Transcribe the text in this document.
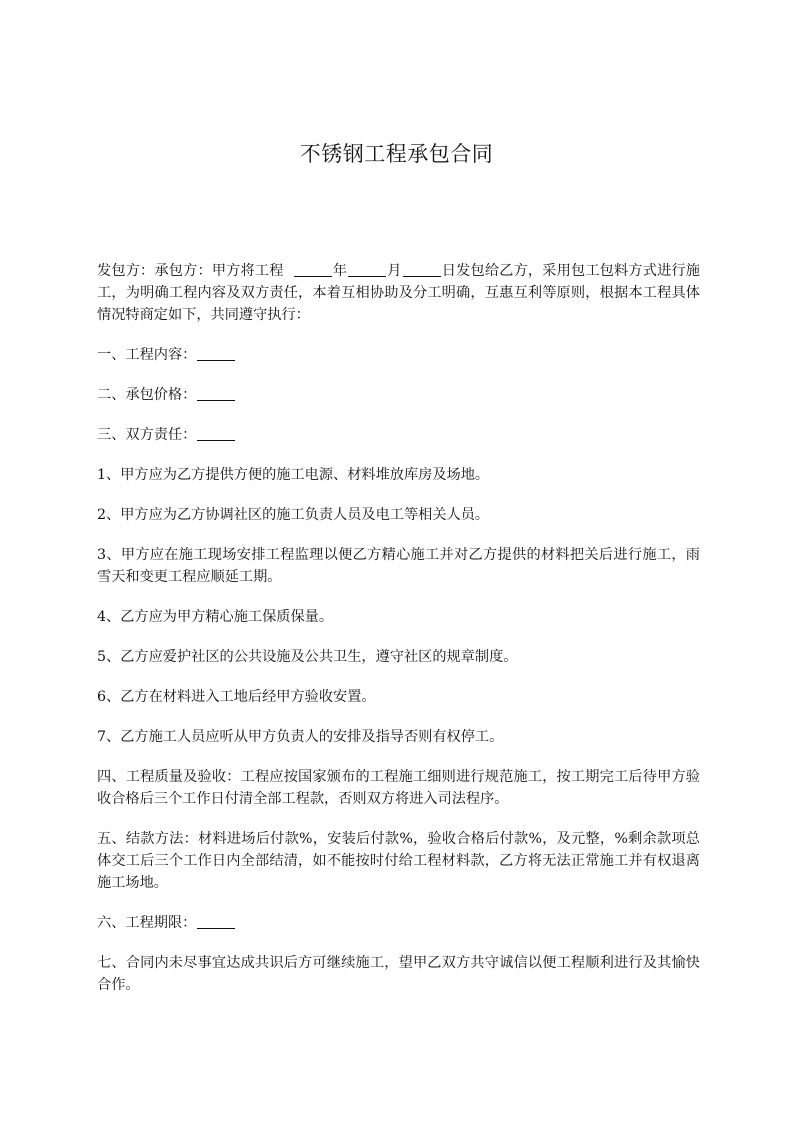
不锈钢工程承包合同

发包方：承包方：甲方将工程	年	月	日发包给乙方，采用包工包料方式进行施工，为明确工程内容及双方责任，本着互相协助及分工明确，互惠互利等原则，根据本工程具体情况特商定如下，共同遵守执行：

一、工程内容：

二、承包价格：

三、双方责任：

1、甲方应为乙方提供方便的施工电源、材料堆放库房及场地。

2、甲方应为乙方协调社区的施工负责人员及电工等相关人员。

3、甲方应在施工现场安排工程监理以便乙方精心施工并对乙方提供的材料把关后进行施工，雨雪天和变更工程应顺延工期。

4、乙方应为甲方精心施工保质保量。

5、乙方应爱护社区的公共设施及公共卫生，遵守社区的规章制度。

6、乙方在材料进入工地后经甲方验收安置。

7、乙方施工人员应听从甲方负责人的安排及指导否则有权停工。

四、工程质量及验收：工程应按国家颁布的工程施工细则进行规范施工，按工期完工后待甲方验收合格后三个工作日付清全部工程款，否则双方将进入司法程序。

五、结款方法：材料进场后付款%，安装后付款%，验收合格后付款%，及元整，%剩余款项总体交工后三个工作日内全部结清，如不能按时付给工程材料款，乙方将无法正常施工并有权退离施工场地。

六、工程期限：

七、合同内未尽事宜达成共识后方可继续施工，望甲乙双方共守诚信以便工程顺利进行及其愉快合作。
